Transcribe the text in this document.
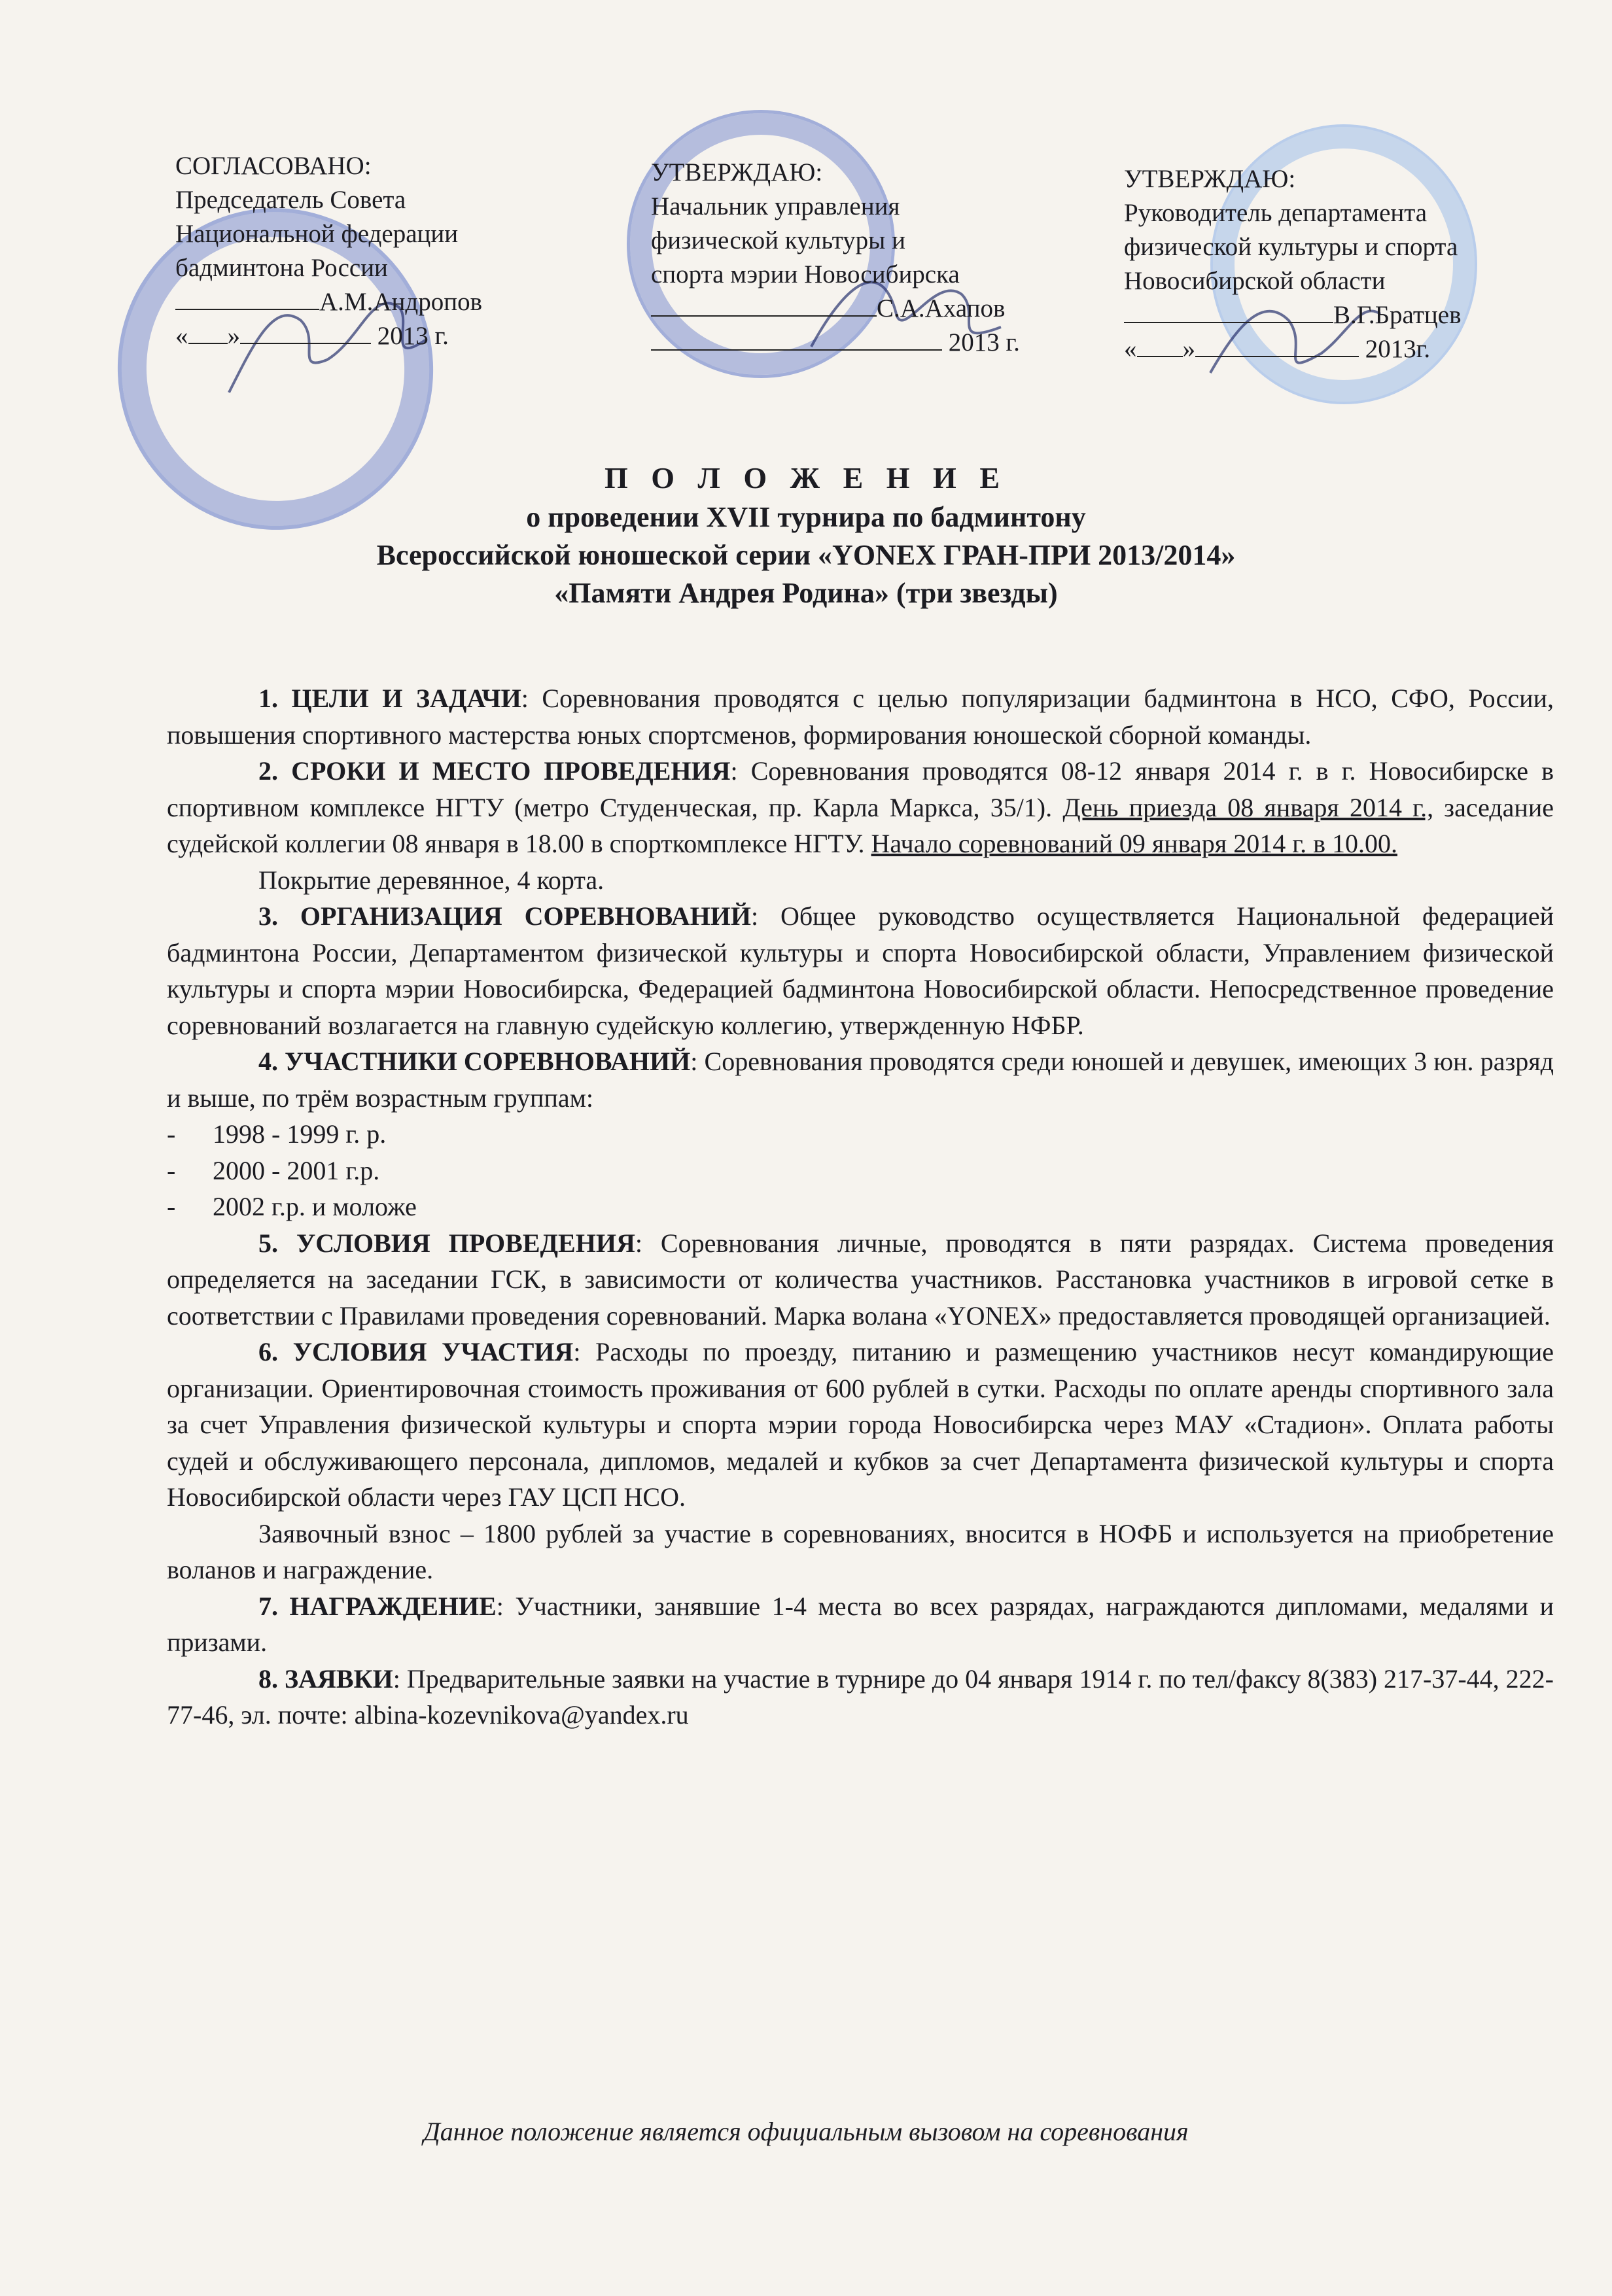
СОГЛАСОВАНО:
Председатель Совета
Национальной федерации
бадминтона России
А.М.Андропов
« »	2013 г.
УТВЕРЖДАЮ:
Начальник управления
физической культуры и
спорта мэрии Новосибирска
С.А.Ахапов
2013 г.
УТВЕРЖДАЮ:
Руководитель департамента
физической культуры и спорта
Новосибирской области
В.Г.Братцев
« »	2013г.
П О Л О Ж Е Н И Е
о проведении XVII турнира по бадминтону
Всероссийской юношеской серии «YONEX ГРАН-ПРИ 2013/2014»
«Памяти Андрея Родина» (три звезды)

1. ЦЕЛИ И ЗАДАЧИ: Соревнования проводятся с целью популяризации бадминтона в НСО, СФО, России, повышения спортивного мастерства юных спортсменов, формирования юношеской сборной команды.

2. СРОКИ И МЕСТО ПРОВЕДЕНИЯ: Соревнования проводятся 08-12 января 2014 г. в г. Новосибирске в спортивном комплексе НГТУ (метро Студенческая, пр. Карла Маркса, 35/1). День приезда 08 января 2014 г., заседание судейской коллегии 08 января в 18.00 в спорткомплексе НГТУ. Начало соревнований 09 января 2014 г. в 10.00.

Покрытие деревянное, 4 корта.

3. ОРГАНИЗАЦИЯ СОРЕВНОВАНИЙ: Общее руководство осуществляется Национальной федерацией бадминтона России, Департаментом физической культуры и спорта Новосибирской области, Управлением физической культуры и спорта мэрии Новосибирска, Федерацией бадминтона Новосибирской области. Непосредственное проведение соревнований возлагается на главную судейскую коллегию, утвержденную НФБР.

4. УЧАСТНИКИ СОРЕВНОВАНИЙ: Соревнования проводятся среди юношей и девушек, имеющих 3 юн. разряд и выше, по трём возрастным группам:

- 1998 - 1999 г. р.
- 2000 - 2001 г.р.
- 2002 г.р. и моложе

5. УСЛОВИЯ ПРОВЕДЕНИЯ: Соревнования личные, проводятся в пяти разрядах. Система проведения определяется на заседании ГСК, в зависимости от количества участников. Расстановка участников в игровой сетке в соответствии с Правилами проведения соревнований. Марка волана «YONEX» предоставляется проводящей организацией.

6. УСЛОВИЯ УЧАСТИЯ: Расходы по проезду, питанию и размещению участников несут командирующие организации. Ориентировочная стоимость проживания от 600 рублей в сутки. Расходы по оплате аренды спортивного зала за счет Управления физической культуры и спорта мэрии города Новосибирска через МАУ «Стадион». Оплата работы судей и обслуживающего персонала, дипломов, медалей и кубков за счет Департамента физической культуры и спорта Новосибирской области через ГАУ ЦСП НСО.

Заявочный взнос – 1800 рублей за участие в соревнованиях, вносится в НОФБ и используется на приобретение воланов и награждение.

7. НАГРАЖДЕНИЕ: Участники, занявшие 1-4 места во всех разрядах, награждаются дипломами, медалями и призами.

8. ЗАЯВКИ: Предварительные заявки на участие в турнире до 04 января 1914 г. по тел/факсу 8(383) 217-37-44, 222-77-46, эл. почте: albina-kozevnikova@yandex.ru

Данное положение является официальным вызовом на соревнования
